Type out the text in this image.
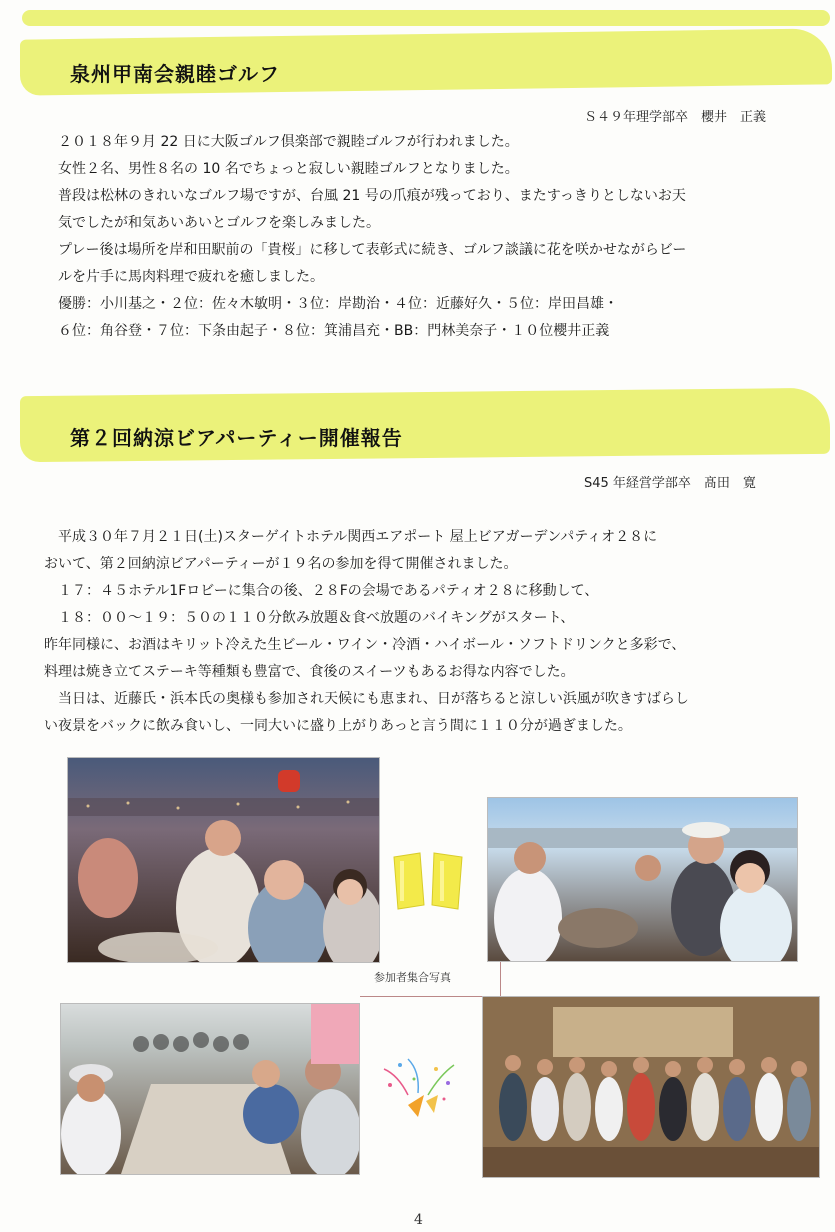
泉州甲南会親睦ゴルフ
Ｓ４９年理学部卒　櫻井　正義

２０１８年９月 22 日に大阪ゴルフ倶楽部で親睦ゴルフが行われました。

女性２名、男性８名の 10 名でちょっと寂しい親睦ゴルフとなりました。

普段は松林のきれいなゴルフ場ですが、台風 21 号の爪痕が残っており、またすっきりとしないお天

気でしたが和気あいあいとゴルフを楽しみました。

プレー後は場所を岸和田駅前の「貴桜」に移して表彰式に続き、ゴルフ談議に花を咲かせながらビー

ルを片手に馬肉料理で疲れを癒しました。

優勝：小川基之・２位：佐々木敏明・３位：岸勘治・４位：近藤好久・５位：岸田昌雄・

６位：角谷登・７位：下条由起子・８位：箕浦昌充・BB：門林美奈子・１０位櫻井正義

第２回納涼ビアパーティー開催報告
S45 年経営学部卒　髙田　寛

　平成３０年７月２１日(土)スターゲイトホテル関西エアポート 屋上ビアガーデンパティオ２８に

おいて、第２回納涼ビアパーティーが１９名の参加を得て開催されました。

　１７：４５ホテル1Fロビーに集合の後、２８Fの会場であるパティオ２８に移動して、

　１８：００～１９：５０の１１０分飲み放題＆食べ放題のバイキングがスタート、

昨年同様に、お酒はキリット冷えた生ビール・ワイン・冷酒・ハイボール・ソフトドリンクと多彩で、

料理は焼き立てステーキ等種類も豊富で、食後のスイーツもあるお得な内容でした。

　当日は、近藤氏・浜本氏の奥様も参加され天候にも恵まれ、日が落ちると涼しい浜風が吹きすばらし

い夜景をバックに飲み食いし、一同大いに盛り上がりあっと言う間に１１０分が過ぎました。

参加者集合写真
4
